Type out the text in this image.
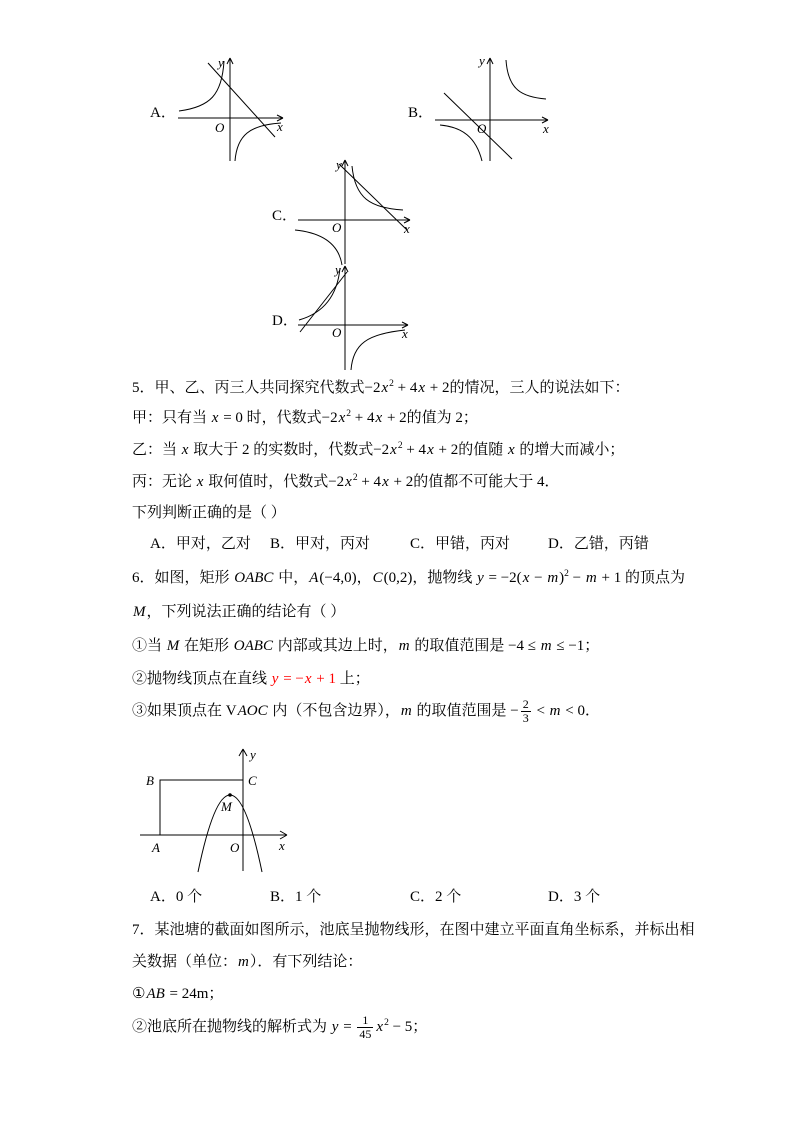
A．
x
y
O
B．
x
y
O
C．
x
y
O
D．
x
y
O
5．甲、乙、丙三人共同探究代数式$-2x^2 + 4x + 2$的情况，三人的说法如下：
甲：只有当 x = 0 时，代数式$-2x^2 + 4x + 2$的值为 2；
乙：当 x 取大于 2 的实数时，代数式$-2x^2 + 4x + 2$的值随 x 的增大而减小；
丙：无论 x 取何值时，代数式$-2x^2 + 4x + 2$的值都不可能大于 4．
下列判断正确的是（ ）
A．甲对，乙对 B．甲对，丙对	C．甲错，丙对	D．乙错，丙错
6．如图，矩形 OABC 中，A(−4,0)，C(0,2)，抛物线 $y = -2(x - m)^2 - m + 1$ 的顶点为
M，下列说法正确的结论有（ ）
①当 M 在矩形 OABC 内部或其边上时，m 的取值范围是 −4 ≤ m ≤ −1；
②抛物线顶点在直线 y = −x + 1 上；
③如果顶点在 VAOC 内（不包含边界），m 的取值范围是 − $\frac{2}{3} < m < 0$．
B	C
A	O
M
x
y
A．0 个	B．1 个	C．2 个	D．3 个
7．某池塘的截面如图所示，池底呈抛物线形，在图中建立平面直角坐标系，并标出相
关数据（单位：m）．有下列结论：
①AB = 24m；
②池底所在抛物线的解析式为 $y = \frac{1}{45} x^2 - 5$；
